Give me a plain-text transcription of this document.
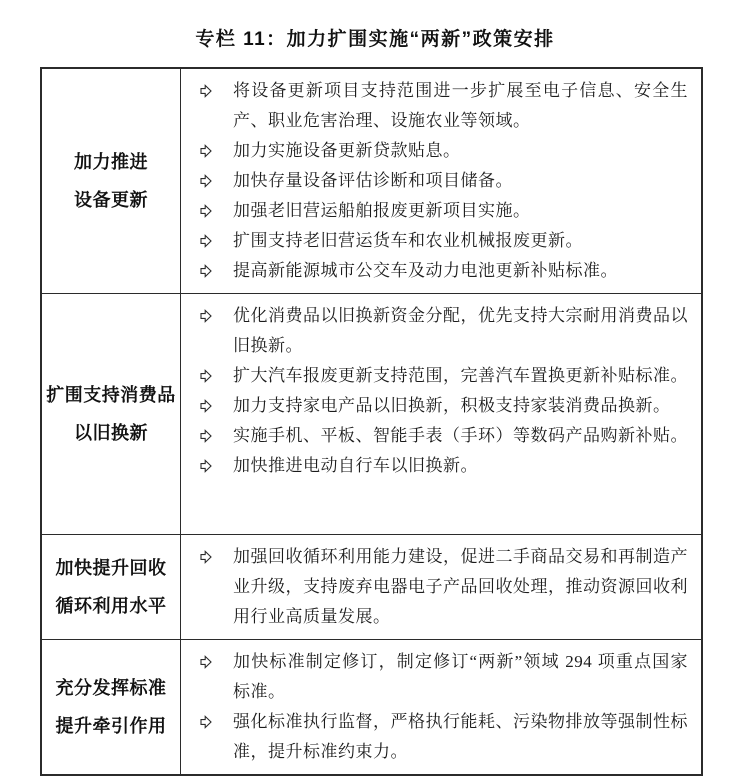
专栏 11：加力扩围实施“两新”政策安排
加力推进
设备更新
将设备更新项目支持范围进一步扩展至电子信息、安全生产、职业危害治理、设施农业等领域。
加力实施设备更新贷款贴息。
加快存量设备评估诊断和项目储备。
加强老旧营运船舶报废更新项目实施。
扩围支持老旧营运货车和农业机械报废更新。
提高新能源城市公交车及动力电池更新补贴标准。
扩围支持消费品
以旧换新
优化消费品以旧换新资金分配，优先支持大宗耐用消费品以旧换新。
扩大汽车报废更新支持范围，完善汽车置换更新补贴标准。
加力支持家电产品以旧换新，积极支持家装消费品换新。
实施手机、平板、智能手表（手环）等数码产品购新补贴。
加快推进电动自行车以旧换新。
加快提升回收
循环利用水平
加强回收循环利用能力建设，促进二手商品交易和再制造产业升级，支持废弃电器电子产品回收处理，推动资源回收利用行业高质量发展。
充分发挥标准
提升牵引作用
加快标准制定修订，制定修订“两新”领域 294 项重点国家标准。
强化标准执行监督，严格执行能耗、污染物排放等强制性标准，提升标准约束力。
